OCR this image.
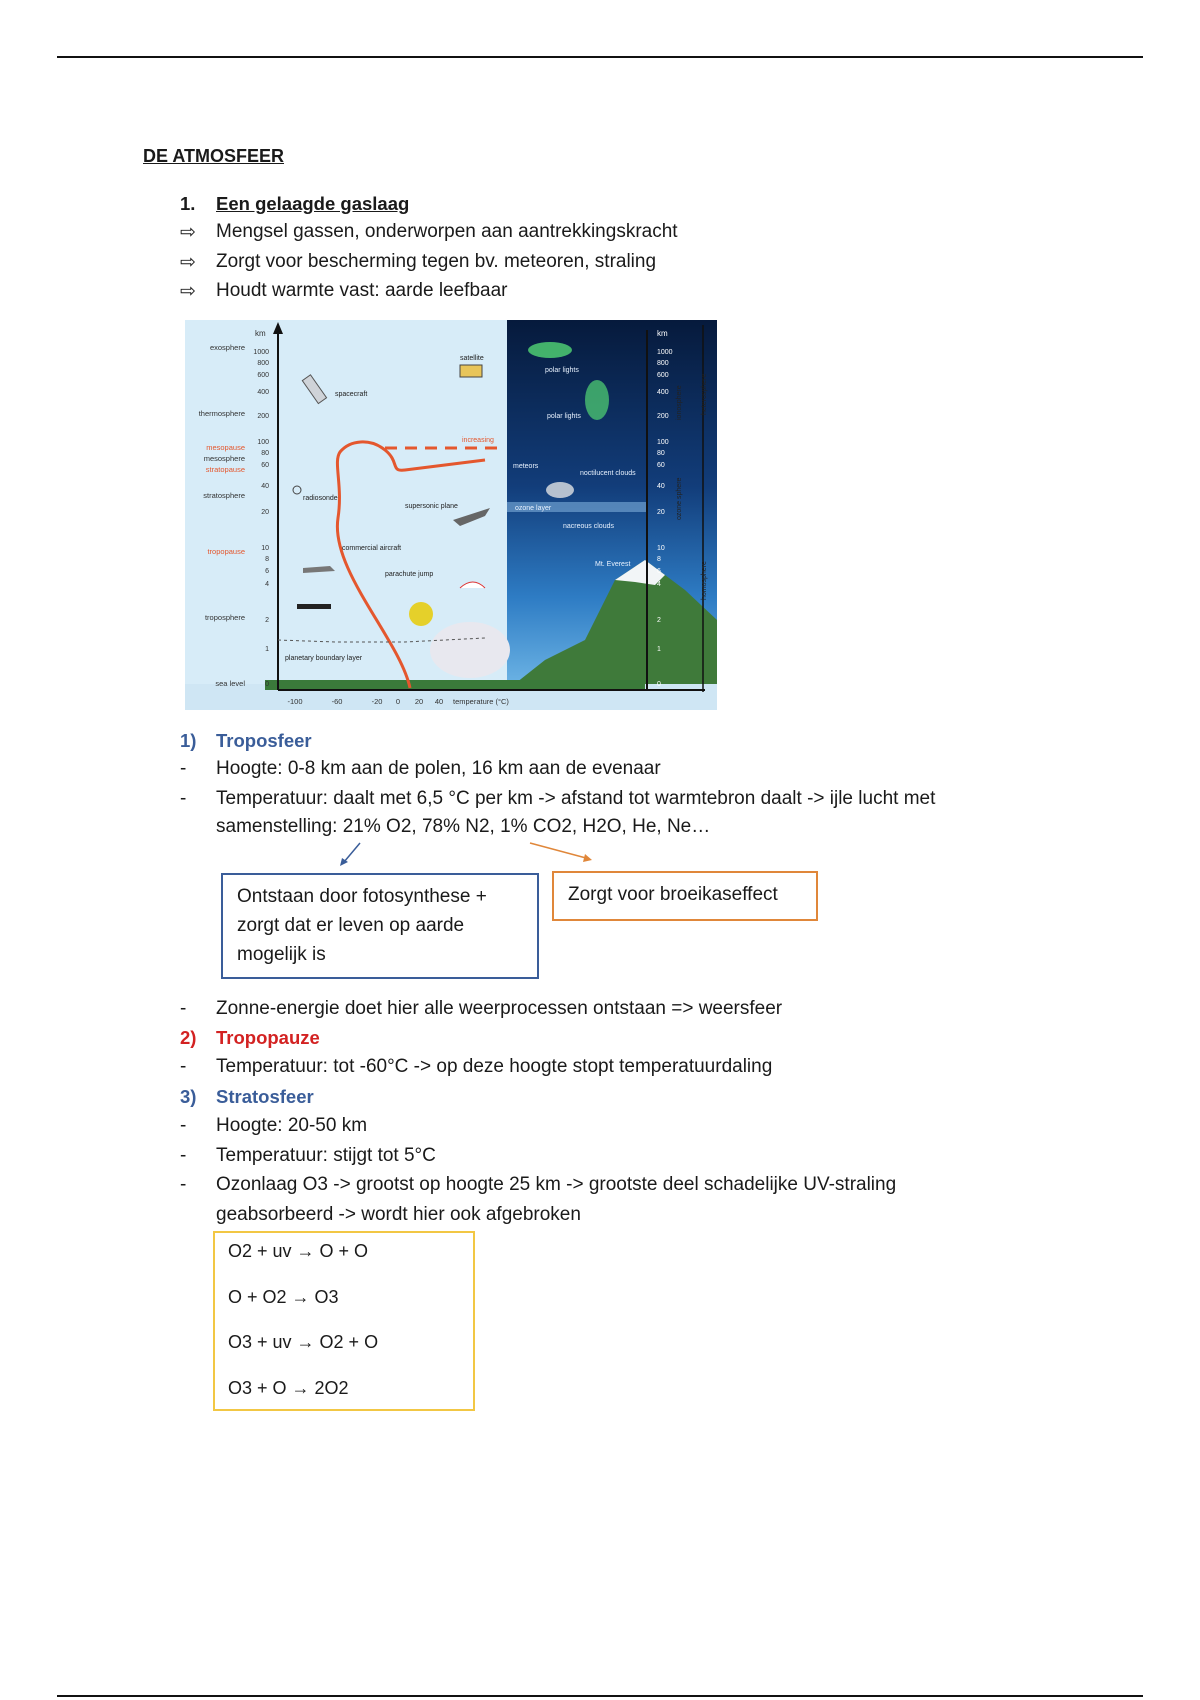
DE ATMOSFEER
1. Een gelaagde gaslaag
⇨	Mengsel gassen, onderworpen aan aantrekkingskracht
⇨	Zorgt voor bescherming tegen bv. meteoren, straling
⇨	Houdt warmte vast: aarde leefbaar
exosphere
thermosphere
mesopause
mesosphere
stratopause
stratosphere
tropopause
troposphere
sea level
km	km
1000
800
600
400
200
100
80
60
40
20
10
8
6
4
2
1
0
1000
800
600
400
200
100
80
60
40
20
10
8
6
4
2
1
0
-100	-60	-20 0 20 40 temperature (°C)
satellite
spacecraft
increasing
radiosonde
supersonic plane
commercial aircraft
parachute jump
planetary boundary layer
polar lights
polar lights
meteors
noctilucent clouds
ozone layer
nacreous clouds
Mt. Everest
ionosphere	heterosphere
ozone sphere
homosphere
1) Troposfeer
-	Hoogte: 0-8 km aan de polen, 16 km aan de evenaar
-	Temperatuur: daalt met 6,5 °C per km -> afstand tot warmtebron daalt -> ijle lucht met
samenstelling: 21% O2, 78% N2, 1% CO2, H2O, He, Ne…
Ontstaan door fotosynthese +
zorgt dat er leven op aarde
mogelijk is
Zorgt voor broeikaseffect
-	Zonne-energie doet hier alle weerprocessen ontstaan => weersfeer
2) Tropopauze
-	Temperatuur: tot -60°C -> op deze hoogte stopt temperatuurdaling
3) Stratosfeer
-	Hoogte: 20-50 km
-	Temperatuur: stijgt tot 5°C
-	Ozonlaag O3 -> grootst op hoogte 25 km -> grootste deel schadelijke UV-straling
geabsorbeerd -> wordt hier ook afgebroken
O2 + uv → O + O
O + O2 → O3
O3 + uv → O2 + O
O3 + O → 2O2
